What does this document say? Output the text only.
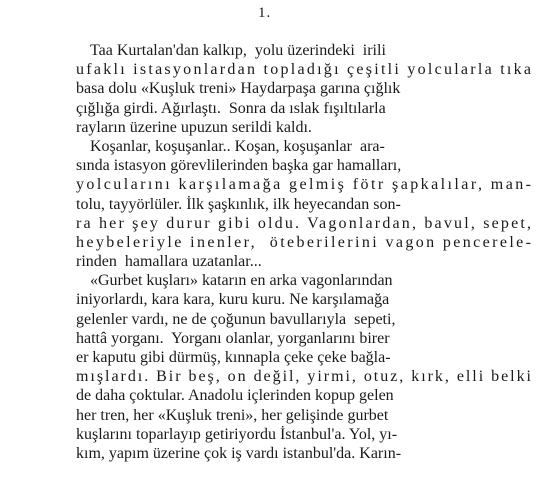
1.
Taa Kurtalan'dan kalkıp,  yolu üzerindeki  irili
ufaklı istasyonlardan topladığı çeşitli yolcularla tıka
basa dolu «Kuşluk treni» Haydarpaşa garına çığlık
çığlığa girdi. Ağırlaştı.  Sonra da ıslak fışıltılarla
rayların üzerine upuzun serildi kaldı.
Koşanlar, koşuşanlar.. Koşan, koşuşanlar  ara-
sında istasyon görevlilerinden başka gar hamalları,
yolcularını karşılamağa gelmiş fötr şapkalılar, man-
tolu, tayyörlüler. İlk şaşkınlık, ilk heyecandan son-
ra her şey durur gibi oldu. Vagonlardan, bavul, sepet,
heybeleriyle inenler,  öteberilerini vagon pencerele-
rinden  hamallara uzatanlar...
«Gurbet kuşları» katarın en arka vagonlarından
iniyorlardı, kara kara, kuru kuru. Ne karşılamağa
gelenler vardı, ne de çoğunun bavullarıyla  sepeti,
hattâ yorganı.  Yorganı olanlar, yorganlarını birer
er kaputu gibi dürmüş, kınnapla çeke çeke bağla-
mışlardı. Bir beş, on değil, yirmi, otuz, kırk, elli belki
de daha çoktular. Anadolu içlerinden kopup gelen
her tren, her «Kuşluk treni», her gelişinde gurbet
kuşlarını toparlayıp getiriyordu İstanbul'a. Yol, yı-
kım, yapım üzerine çok iş vardı istanbul'da. Karın-
